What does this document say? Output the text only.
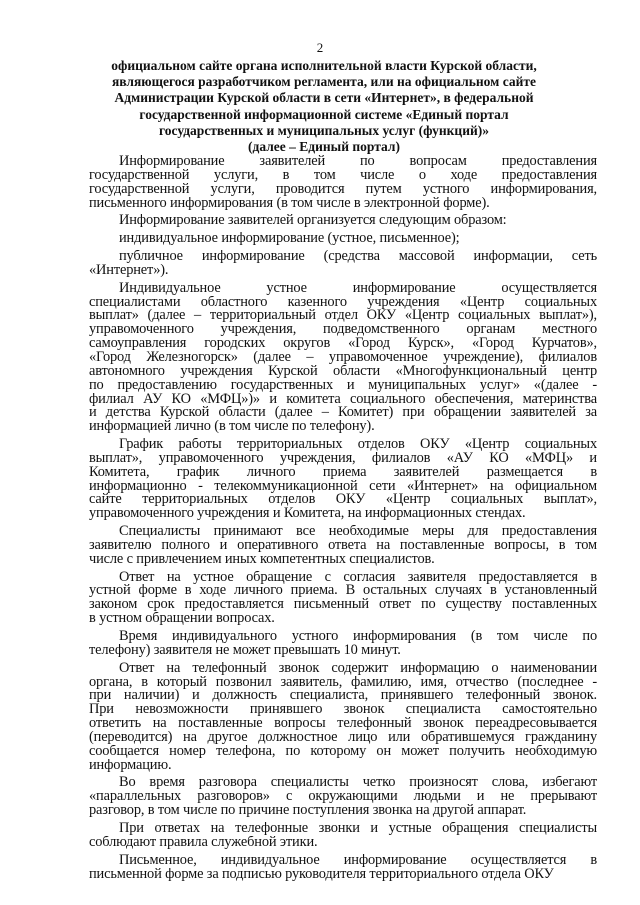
2
официальном сайте органа исполнительной власти Курской области,
являющегося разработчиком регламента, или на официальном сайте
Администрации Курской области в сети «Интернет», в федеральной
государственной информационной системе «Единый портал
государственных и муниципальных услуг (функций)»
(далее – Единый портал)
Информирование заявителей по вопросам предоставления
государственной услуги, в том числе о ходе предоставления
государственной услуги, проводится путем устного информирования,
письменного информирования (в том числе в электронной форме).
Информирование заявителей организуется следующим образом:
индивидуальное информирование (устное, письменное);
публичное информирование (средства массовой информации, сеть
«Интернет»).
Индивидуальное устное информирование осуществляется
специалистами областного казенного учреждения «Центр социальных
выплат» (далее – территориальный отдел ОКУ «Центр социальных выплат»),
управомоченного учреждения, подведомственного органам местного
самоуправления городских округов «Город Курск», «Город Курчатов»,
«Город Железногорск» (далее – управомоченное учреждение), филиалов
автономного учреждения Курской области «Многофункциональный центр
по предоставлению государственных и муниципальных услуг» «(далее -
филиал АУ КО «МФЦ»)» и комитета социального обеспечения, материнства
и детства Курской области (далее – Комитет) при обращении заявителей за
информацией лично (в том числе по телефону).
График работы территориальных отделов ОКУ «Центр социальных
выплат», управомоченного учреждения, филиалов «АУ КО «МФЦ» и
Комитета, график личного приема заявителей размещается в
информационно - телекоммуникационной сети «Интернет» на официальном
сайте территориальных отделов ОКУ «Центр социальных выплат»,
управомоченного учреждения и Комитета, на информационных стендах.
Специалисты принимают все необходимые меры для предоставления
заявителю полного и оперативного ответа на поставленные вопросы, в том
числе с привлечением иных компетентных специалистов.
Ответ на устное обращение с согласия заявителя предоставляется в
устной форме в ходе личного приема. В остальных случаях в установленный
законом срок предоставляется письменный ответ по существу поставленных
в устном обращении вопросах.
Время индивидуального устного информирования (в том числе по
телефону) заявителя не может превышать 10 минут.
Ответ на телефонный звонок содержит информацию о наименовании
органа, в который позвонил заявитель, фамилию, имя, отчество (последнее -
при наличии) и должность специалиста, принявшего телефонный звонок.
При невозможности принявшего звонок специалиста самостоятельно
ответить на поставленные вопросы телефонный звонок переадресовывается
(переводится) на другое должностное лицо или обратившемуся гражданину
сообщается номер телефона, по которому он может получить необходимую
информацию.
Во время разговора специалисты четко произносят слова, избегают
«параллельных разговоров» с окружающими людьми и не прерывают
разговор, в том числе по причине поступления звонка на другой аппарат.
При ответах на телефонные звонки и устные обращения специалисты
соблюдают правила служебной этики.
Письменное, индивидуальное информирование осуществляется в
письменной форме за подписью руководителя территориального отдела ОКУ
